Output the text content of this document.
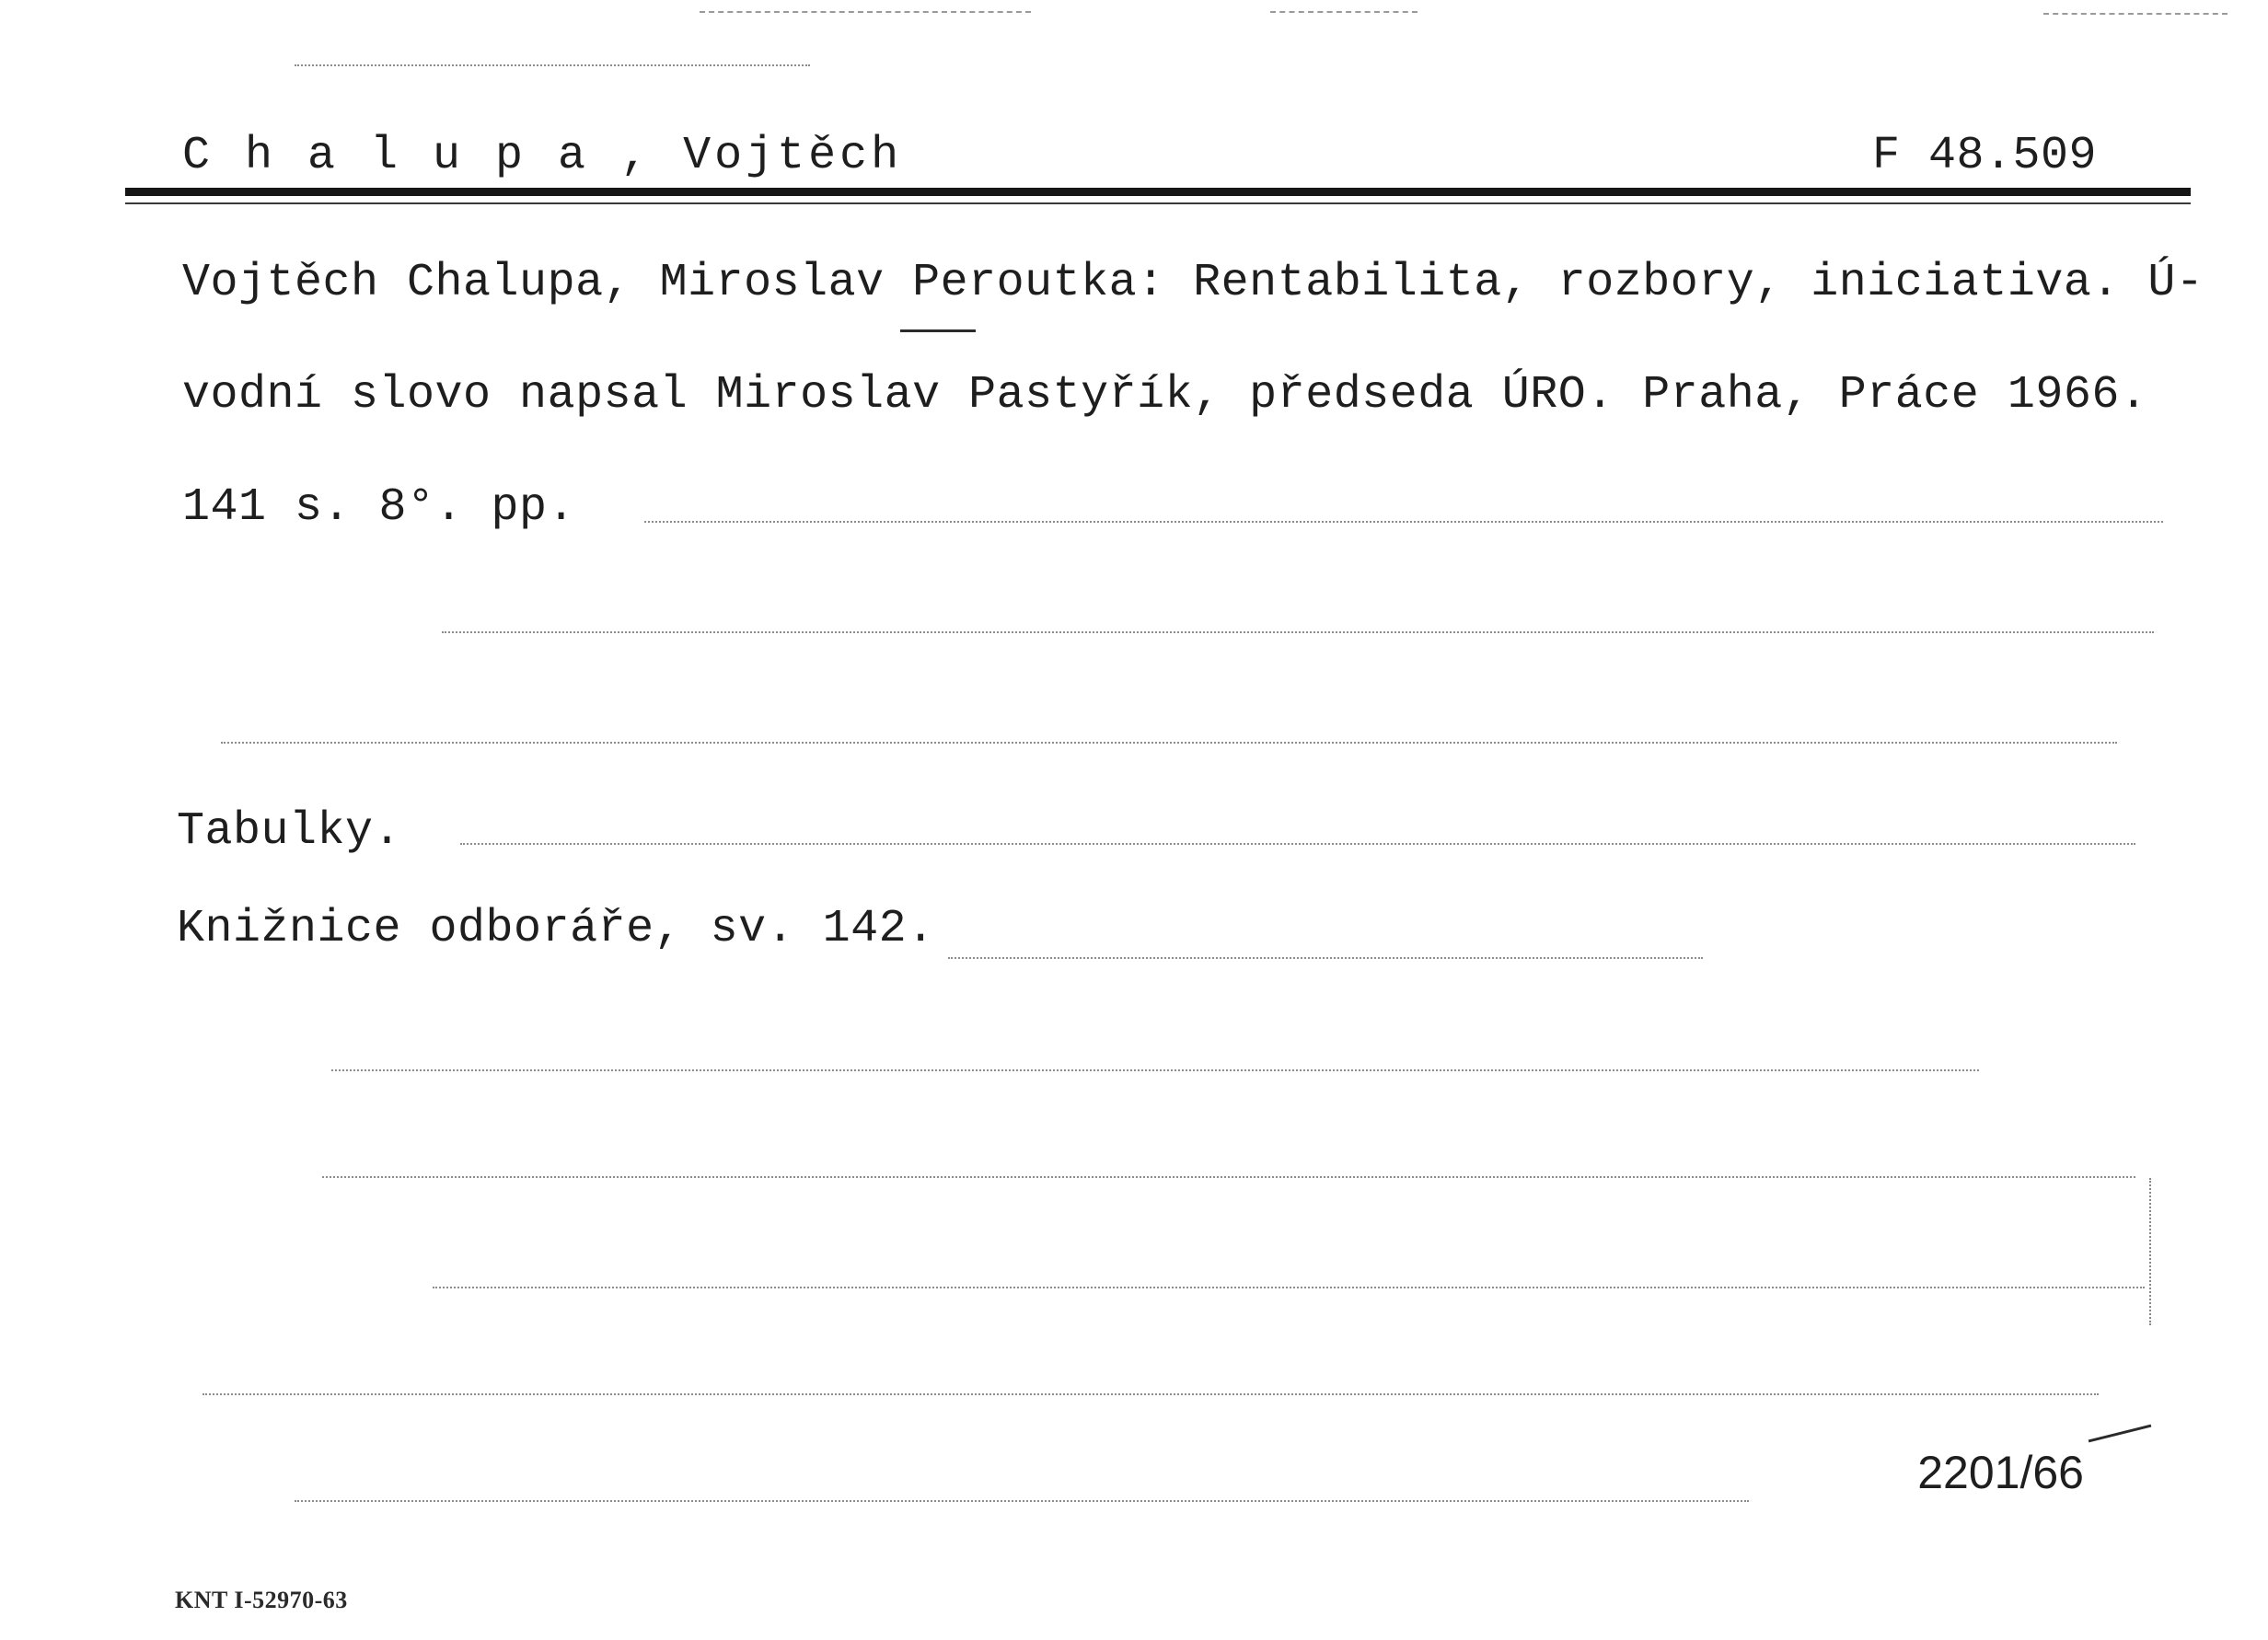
C h a l u p a , Vojtěch	F 48.509
Vojtěch Chalupa, Miroslav Peroutka: Rentabilita, rozbory, iniciativa. Ú-
vodní slovo napsal Miroslav Pastyřík, předseda ÚRO. Praha, Práce 1966.
141 s. 8°. pp.
Tabulky.
Knižnice odboráře, sv. 142.
2201/66
KNT I-52970-63
